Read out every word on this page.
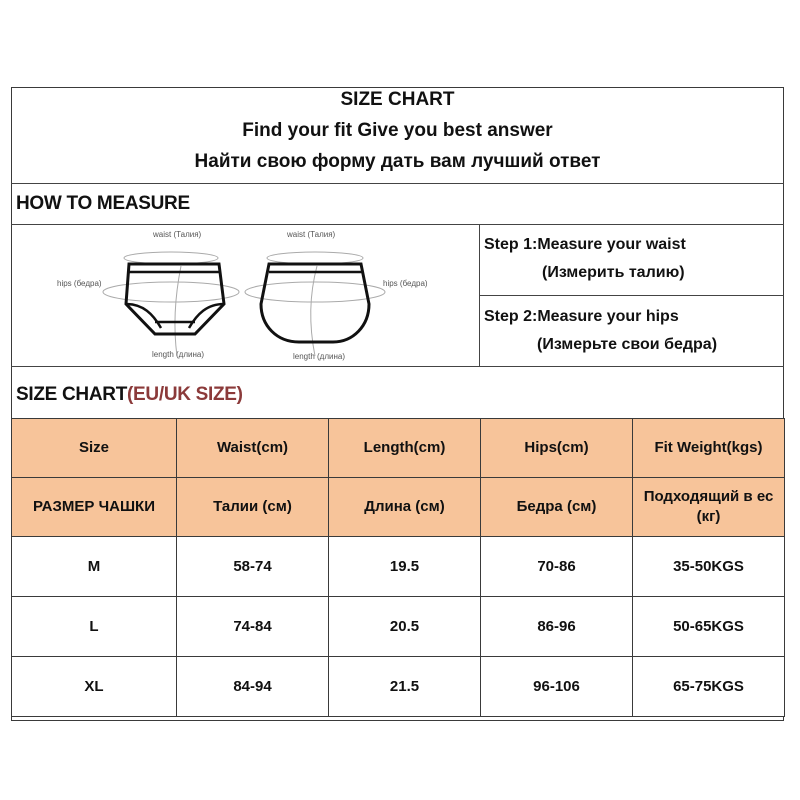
SIZE CHART
Find your fit Give you best answer
Найти свою форму дать вам лучший ответ
HOW TO MEASURE
waist (Талия)
hips (бедра)
length (длина)
waist (Талия)
hips (бедра)
length (длина)
Step 1:Measure your waist
(Измерить талию)
Step 2:Measure your hips
(Измерьте свои бедра)
SIZE CHART(EU/UK SIZE)
Size	Waist(cm)	Length(cm)	Hips(cm)	Fit Weight(kgs)
РАЗМЕР ЧАШКИ	Талии (см)	Длина (см)	Бедра (см)	Подходящий в ес (кг)
M	58-74	19.5	70-86	35-50KGS
L	74-84	20.5	86-96	50-65KGS
XL	84-94	21.5	96-106	65-75KGS
